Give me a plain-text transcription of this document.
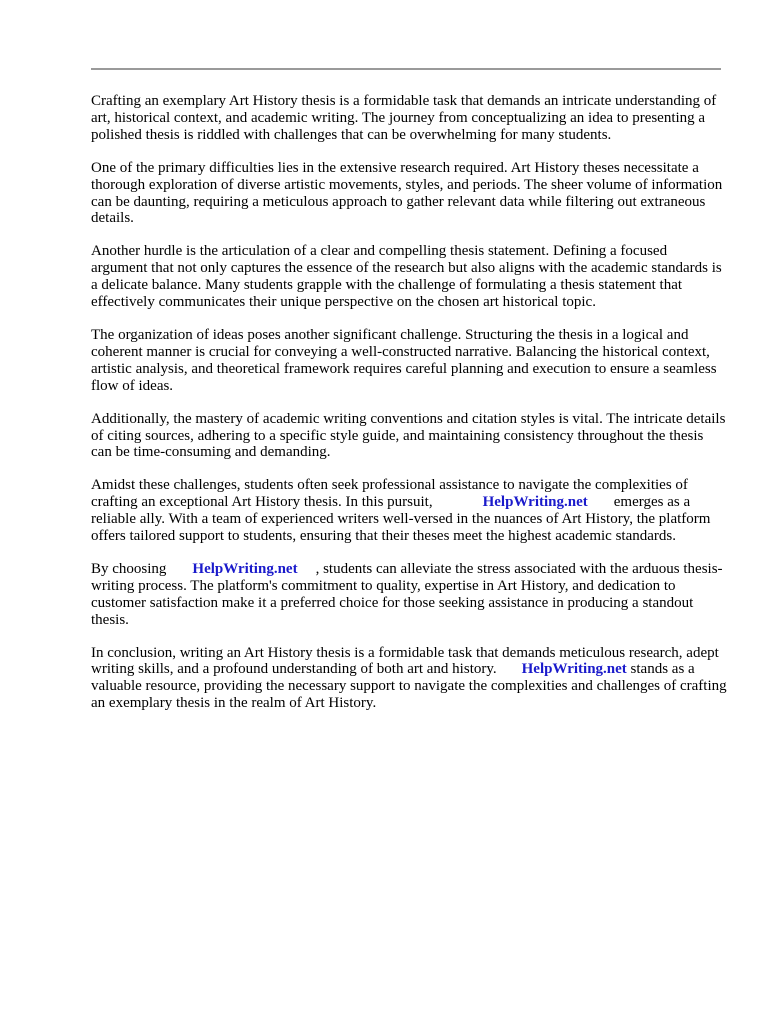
Crafting an exemplary Art History thesis is a formidable task that demands an intricate understanding of art, historical context, and academic writing. The journey from conceptualizing an idea to presenting a polished thesis is riddled with challenges that can be overwhelming for many students.

One of the primary difficulties lies in the extensive research required. Art History theses necessitate a thorough exploration of diverse artistic movements, styles, and periods. The sheer volume of information can be daunting, requiring a meticulous approach to gather relevant data while filtering out extraneous details.

Another hurdle is the articulation of a clear and compelling thesis statement. Defining a focused argument that not only captures the essence of the research but also aligns with the academic standards is a delicate balance. Many students grapple with the challenge of formulating a thesis statement that effectively communicates their unique perspective on the chosen art historical topic.

The organization of ideas poses another significant challenge. Structuring the thesis in a logical and coherent manner is crucial for conveying a well-constructed narrative. Balancing the historical context, artistic analysis, and theoretical framework requires careful planning and execution to ensure a seamless flow of ideas.

Additionally, the mastery of academic writing conventions and citation styles is vital. The intricate details of citing sources, adhering to a specific style guide, and maintaining consistency throughout the thesis can be time-consuming and demanding.

Amidst these challenges, students often seek professional assistance to navigate the complexities of crafting an exceptional Art History thesis. In this pursuit,	HelpWriting.net emerges as a reliable ally. With a team of experienced writers well-versed in the nuances of Art History, the platform offers tailored support to students, ensuring that their theses meet the highest academic standards.

By choosing HelpWriting.net , students can alleviate the stress associated with the arduous thesis-writing process. The platform's commitment to quality, expertise in Art History, and dedication to customer satisfaction make it a preferred choice for those seeking assistance in producing a standout thesis.

In conclusion, writing an Art History thesis is a formidable task that demands meticulous research, adept writing skills, and a profound understanding of both art and history. HelpWriting.net stands as a valuable resource, providing the necessary support to navigate the complexities and challenges of crafting an exemplary thesis in the realm of Art History.
